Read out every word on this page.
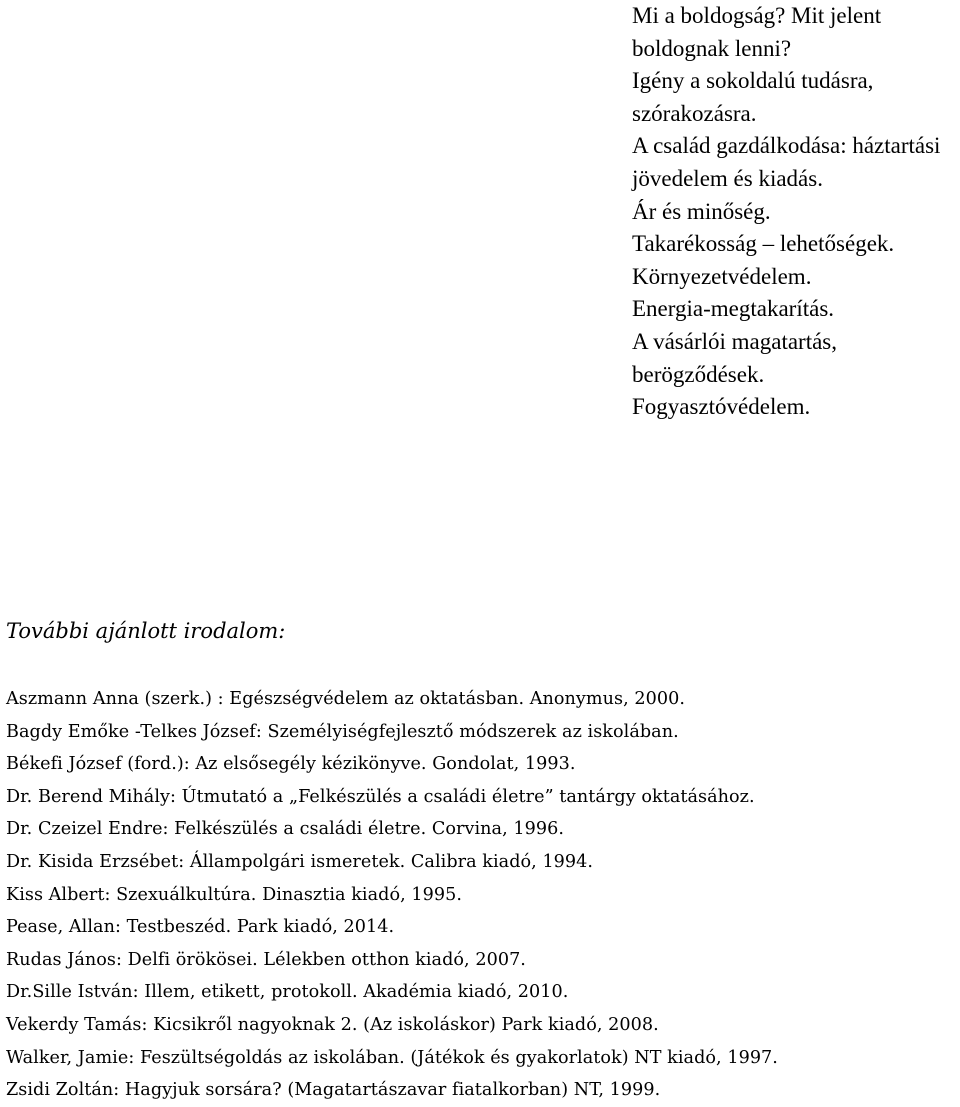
Mi a boldogság? Mit jelent boldognak lenni?

Igény a sokoldalú tudásra, szórakozásra.

A család gazdálkodása: háztartási jövedelem és kiadás.

Ár és minőség.

Takarékosság – lehetőségek.

Környezetvédelem.

Energia-megtakarítás.

A vásárlói magatartás, berögződések.

Fogyasztóvédelem.

További ajánlott irodalom:
Aszmann Anna (szerk.) : Egészségvédelem az oktatásban. Anonymus, 2000.
Bagdy Emőke -Telkes József: Személyiségfejlesztő módszerek az iskolában.
Békefi József (ford.): Az elsősegély kézikönyve. Gondolat, 1993.
Dr. Berend Mihály: Útmutató a „Felkészülés a családi életre” tantárgy oktatásához.
Dr. Czeizel Endre: Felkészülés a családi életre. Corvina, 1996.
Dr. Kisida Erzsébet: Állampolgári ismeretek. Calibra kiadó, 1994.
Kiss Albert: Szexuálkultúra. Dinasztia kiadó, 1995.
Pease, Allan: Testbeszéd. Park kiadó, 2014.
Rudas János: Delfi örökösei. Lélekben otthon kiadó, 2007.
Dr.Sille István: Illem, etikett, protokoll. Akadémia kiadó, 2010.
Vekerdy Tamás: Kicsikről nagyoknak 2. (Az iskoláskor) Park kiadó, 2008.
Walker, Jamie: Feszültségoldás az iskolában. (Játékok és gyakorlatok) NT kiadó, 1997.
Zsidi Zoltán: Hagyjuk sorsára? (Magatartászavar fiatalkorban) NT, 1999.
